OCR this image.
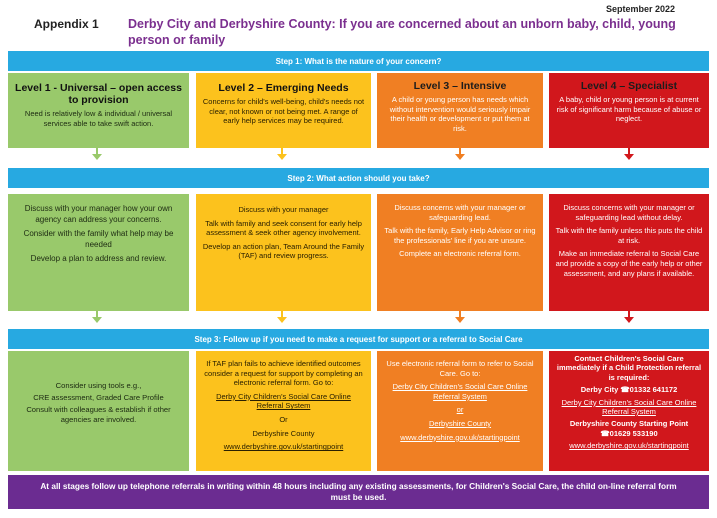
September 2022
Appendix 1 Derby City and Derbyshire County: If you are concerned about an unborn baby, child, young person or family
Step 1: What is the nature of your concern?
Level 1 - Universal – open access to provision
Need is relatively low & individual / universal services able to take swift action.
Level 2 – Emerging Needs
Concerns for child's well-being, child's needs not clear, not known or not being met. A range of early help services may be required.
Level 3 – Intensive
A child or young person has needs which without intervention would seriously impair their health or development or put them at risk.
Level 4 – Specialist
A baby, child or young person is at current risk of significant harm because of abuse or neglect.
Step 2: What action should you take?
Discuss with your manager how your own agency can address your concerns.
Consider with the family what help may be needed
Develop a plan to address and review.
Discuss with your manager
Talk with family and seek consent for early help assessment & seek other agency involvement.
Develop an action plan, Team Around the Family (TAF) and review progress.
Discuss concerns with your manager or safeguarding lead.
Talk with the family, Early Help Advisor or ring the professionals' line if you are unsure.
Complete an electronic referral form.
Discuss concerns with your manager or safeguarding lead without delay.
Talk with the family unless this puts the child at risk.
Make an immediate referral to Social Care and provide a copy of the early help or other assessment, and any plans if available.
Step 3: Follow up if you need to make a request for support or a referral to Social Care
Consider using tools e.g.,
CRE assessment, Graded Care Profile
Consult with colleagues & establish if other agencies are involved.
If TAF plan fails to achieve identified outcomes consider a request for support by completing an electronic referral form. Go to:
Derby City Children's Social Care Online Referral System
Or
Derbyshire County
www.derbyshire.gov.uk/startingpoint
Use electronic referral form to refer to Social Care. Go to:
Derby City Children's Social Care Online Referral System
or
Derbyshire County
www.derbyshire.gov.uk/startingpoint
Contact Children's Social Care immediately if a Child Protection referral is required:
Derby City ☎01332 641172
Derby City Children's Social Care Online Referral System
Derbyshire County Starting Point
☎01629 533190
www.derbyshire.gov.uk/startingpoint
At all stages follow up telephone referrals in writing within 48 hours including any existing assessments, for Children's Social Care, the child on-line referral form must be used.
